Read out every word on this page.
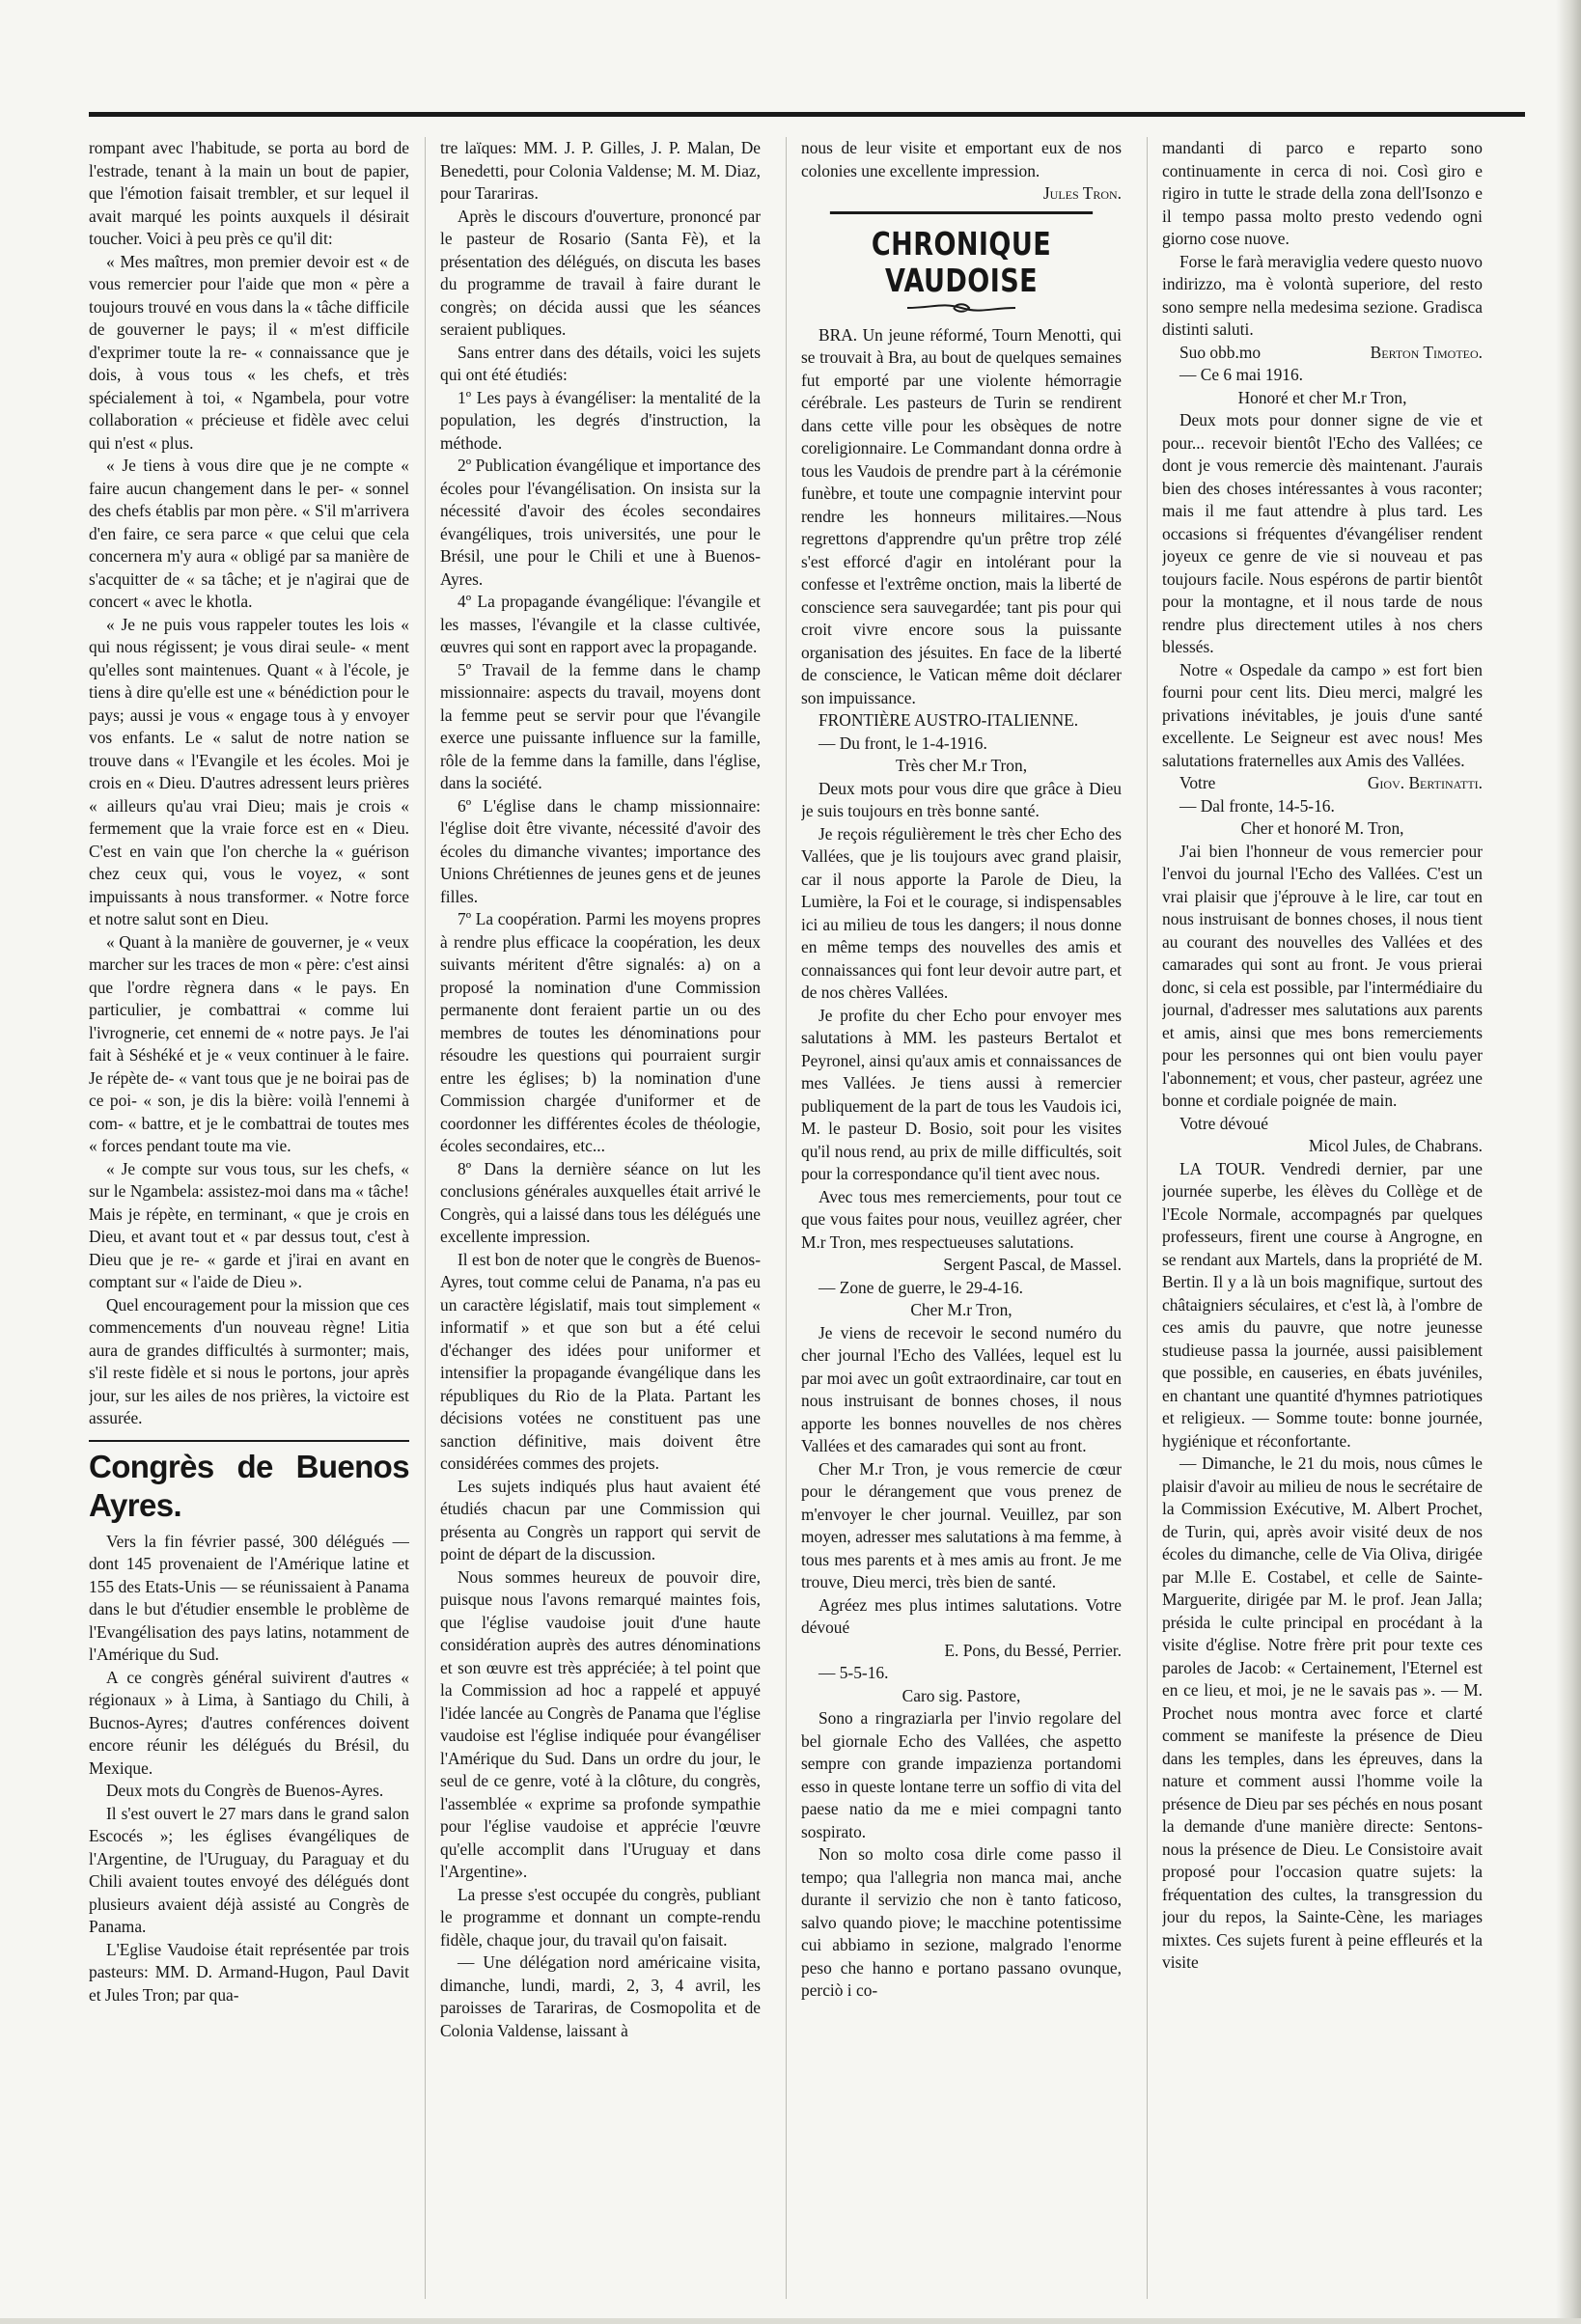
rompant avec l'habitude, se porta au bord de l'estrade, tenant à la main un bout de papier, que l'émotion faisait trembler, et sur lequel il avait marqué les points auxquels il désirait toucher. Voici à peu près ce qu'il dit:

« Mes maîtres, mon premier devoir est « de vous remercier pour l'aide que mon « père a toujours trouvé en vous dans la « tâche difficile de gouverner le pays; il « m'est difficile d'exprimer toute la re- « connaissance que je dois, à vous tous « les chefs, et très spécialement à toi, « Ngambela, pour votre collaboration « précieuse et fidèle avec celui qui n'est « plus.

« Je tiens à vous dire que je ne compte « faire aucun changement dans le per- « sonnel des chefs établis par mon père. « S'il m'arrivera d'en faire, ce sera parce « que celui que cela concernera m'y aura « obligé par sa manière de s'acquitter de « sa tâche; et je n'agirai que de concert « avec le khotla.

« Je ne puis vous rappeler toutes les lois « qui nous régissent; je vous dirai seule- « ment qu'elles sont maintenues. Quant « à l'école, je tiens à dire qu'elle est une « bénédiction pour le pays; aussi je vous « engage tous à y envoyer vos enfants. Le « salut de notre nation se trouve dans « l'Evangile et les écoles. Moi je crois en « Dieu. D'autres adressent leurs prières « ailleurs qu'au vrai Dieu; mais je crois « fermement que la vraie force est en « Dieu. C'est en vain que l'on cherche la « guérison chez ceux qui, vous le voyez, « sont impuissants à nous transformer. « Notre force et notre salut sont en Dieu.

« Quant à la manière de gouverner, je « veux marcher sur les traces de mon « père: c'est ainsi que l'ordre règnera dans « le pays. En particulier, je combattrai « comme lui l'ivrognerie, cet ennemi de « notre pays. Je l'ai fait à Séshéké et je « veux continuer à le faire. Je répète de- « vant tous que je ne boirai pas de ce poi- « son, je dis la bière: voilà l'ennemi à com- « battre, et je le combattrai de toutes mes « forces pendant toute ma vie.

« Je compte sur vous tous, sur les chefs, « sur le Ngambela: assistez-moi dans ma « tâche! Mais je répète, en terminant, « que je crois en Dieu, et avant tout et « par dessus tout, c'est à Dieu que je re- « garde et j'irai en avant en comptant sur « l'aide de Dieu ».

Quel encouragement pour la mission que ces commencements d'un nouveau règne! Litia aura de grandes difficultés à surmonter; mais, s'il reste fidèle et si nous le portons, jour après jour, sur les ailes de nos prières, la victoire est assurée.

Congrès de Buenos Ayres.

Vers la fin février passé, 300 délégués — dont 145 provenaient de l'Amérique latine et 155 des Etats-Unis — se réunissaient à Panama dans le but d'étudier ensemble le problème de l'Evangélisation des pays latins, notamment de l'Amérique du Sud.

A ce congrès général suivirent d'autres « régionaux » à Lima, à Santiago du Chili, à Bucnos-Ayres; d'autres conférences doivent encore réunir les délégués du Brésil, du Mexique.

Deux mots du Congrès de Buenos-Ayres.

Il s'est ouvert le 27 mars dans le grand salon Escocés »; les églises évangéliques de l'Argentine, de l'Uruguay, du Paraguay et du Chili avaient toutes envoyé des délégués dont plusieurs avaient déjà assisté au Congrès de Panama.

L'Eglise Vaudoise était représentée par trois pasteurs: MM. D. Armand-Hugon, Paul Davit et Jules Tron; par qua-

tre laïques: MM. J. P. Gilles, J. P. Malan, De Benedetti, pour Colonia Valdense; M. M. Diaz, pour Tarariras.

Après le discours d'ouverture, prononcé par le pasteur de Rosario (Santa Fè), et la présentation des délégués, on discuta les bases du programme de travail à faire durant le congrès; on décida aussi que les séances seraient publiques.

Sans entrer dans des détails, voici les sujets qui ont été étudiés:

1º Les pays à évangéliser: la mentalité de la population, les degrés d'instruction, la méthode.

2º Publication évangélique et importance des écoles pour l'évangélisation. On insista sur la nécessité d'avoir des écoles secondaires évangéliques, trois universités, une pour le Brésil, une pour le Chili et une à Buenos-Ayres.

4º La propagande évangélique: l'évangile et les masses, l'évangile et la classe cultivée, œuvres qui sont en rapport avec la propagande.

5º Travail de la femme dans le champ missionnaire: aspects du travail, moyens dont la femme peut se servir pour que l'évangile exerce une puissante influence sur la famille, rôle de la femme dans la famille, dans l'église, dans la société.

6º L'église dans le champ missionnaire: l'église doit être vivante, nécessité d'avoir des écoles du dimanche vivantes; importance des Unions Chrétiennes de jeunes gens et de jeunes filles.

7º La coopération. Parmi les moyens propres à rendre plus efficace la coopération, les deux suivants méritent d'être signalés: a) on a proposé la nomination d'une Commission permanente dont feraient partie un ou des membres de toutes les dénominations pour résoudre les questions qui pourraient surgir entre les églises; b) la nomination d'une Commission chargée d'uniformer et de coordonner les différentes écoles de théologie, écoles secondaires, etc...

8º Dans la dernière séance on lut les conclusions générales auxquelles était arrivé le Congrès, qui a laissé dans tous les délégués une excellente impression.

Il est bon de noter que le congrès de Buenos-Ayres, tout comme celui de Panama, n'a pas eu un caractère législatif, mais tout simplement « informatif » et que son but a été celui d'échanger des idées pour uniformer et intensifier la propagande évangélique dans les républiques du Rio de la Plata. Partant les décisions votées ne constituent pas une sanction définitive, mais doivent être considérées commes des projets.

Les sujets indiqués plus haut avaient été étudiés chacun par une Commission qui présenta au Congrès un rapport qui servit de point de départ de la discussion.

Nous sommes heureux de pouvoir dire, puisque nous l'avons remarqué maintes fois, que l'église vaudoise jouit d'une haute considération auprès des autres dénominations et son œuvre est très appréciée; à tel point que la Commission ad hoc a rappelé et appuyé l'idée lancée au Congrès de Panama que l'église vaudoise est l'église indiquée pour évangéliser l'Amérique du Sud. Dans un ordre du jour, le seul de ce genre, voté à la clôture, du congrès, l'assemblée « exprime sa profonde sympathie pour l'église vaudoise et apprécie l'œuvre qu'elle accomplit dans l'Uruguay et dans l'Argentine».

La presse s'est occupée du congrès, publiant le programme et donnant un compte-rendu fidèle, chaque jour, du travail qu'on faisait.

— Une délégation nord américaine visita, dimanche, lundi, mardi, 2, 3, 4 avril, les paroisses de Tarariras, de Cosmopolita et de Colonia Valdense, laissant à

nous de leur visite et emportant eux de nos colonies une excellente impression.

Jules Tron.

CHRONIQUE VAUDOISE

BRA. Un jeune réformé, Tourn Menotti, qui se trouvait à Bra, au bout de quelques semaines fut emporté par une violente hémorragie cérébrale. Les pasteurs de Turin se rendirent dans cette ville pour les obsèques de notre coreligionnaire. Le Commandant donna ordre à tous les Vaudois de prendre part à la cérémonie funèbre, et toute une compagnie intervint pour rendre les honneurs militaires.—Nous regrettons d'apprendre qu'un prêtre trop zélé s'est efforcé d'agir en intolérant pour la confesse et l'extrême onction, mais la liberté de conscience sera sauvegardée; tant pis pour qui croit vivre encore sous la puissante organisation des jésuites. En face de la liberté de conscience, le Vatican même doit déclarer son impuissance.

FRONTIÈRE AUSTRO-ITALIENNE.

— Du front, le 1-4-1916.

Très cher M.r Tron,

Deux mots pour vous dire que grâce à Dieu je suis toujours en très bonne santé.

Je reçois régulièrement le très cher Echo des Vallées, que je lis toujours avec grand plaisir, car il nous apporte la Parole de Dieu, la Lumière, la Foi et le courage, si indispensables ici au milieu de tous les dangers; il nous donne en même temps des nouvelles des amis et connaissances qui font leur devoir autre part, et de nos chères Vallées.

Je profite du cher Echo pour envoyer mes salutations à MM. les pasteurs Bertalot et Peyronel, ainsi qu'aux amis et connaissances de mes Vallées. Je tiens aussi à remercier publiquement de la part de tous les Vaudois ici, M. le pasteur D. Bosio, soit pour les visites qu'il nous rend, au prix de mille difficultés, soit pour la correspondance qu'il tient avec nous.

Avec tous mes remerciements, pour tout ce que vous faites pour nous, veuillez agréer, cher M.r Tron, mes respectueuses salutations.

Sergent Pascal, de Massel.

— Zone de guerre, le 29-4-16.

Cher M.r Tron,

Je viens de recevoir le second numéro du cher journal l'Echo des Vallées, lequel est lu par moi avec un goût extraordinaire, car tout en nous instruisant de bonnes choses, il nous apporte les bonnes nouvelles de nos chères Vallées et des camarades qui sont au front.

Cher M.r Tron, je vous remercie de cœur pour le dérangement que vous prenez de m'envoyer le cher journal. Veuillez, par son moyen, adresser mes salutations à ma femme, à tous mes parents et à mes amis au front. Je me trouve, Dieu merci, très bien de santé.

Agréez mes plus intimes salutations. Votre dévoué

E. Pons, du Bessé, Perrier.

— 5-5-16.

Caro sig. Pastore,

Sono a ringraziarla per l'invio regolare del bel giornale Echo des Vallées, che aspetto sempre con grande impazienza portandomi esso in queste lontane terre un soffio di vita del paese natio da me e miei compagni tanto sospirato.

Non so molto cosa dirle come passo il tempo; qua l'allegria non manca mai, anche durante il servizio che non è tanto faticoso, salvo quando piove; le macchine potentissime cui abbiamo in sezione, malgrado l'enorme peso che hanno e portano passano ovunque, perciò i co-

mandanti di parco e reparto sono continuamente in cerca di noi. Così giro e rigiro in tutte le strade della zona dell'Isonzo e il tempo passa molto presto vedendo ogni giorno cose nuove.

Forse le farà meraviglia vedere questo nuovo indirizzo, ma è volontà superiore, del resto sono sempre nella medesima sezione. Gradisca distinti saluti.

Suo obb.mo	Berton Timoteo.

— Ce 6 mai 1916.

Honoré et cher M.r Tron,

Deux mots pour donner signe de vie et pour... recevoir bientôt l'Echo des Vallées; ce dont je vous remercie dès maintenant. J'aurais bien des choses intéressantes à vous raconter; mais il me faut attendre à plus tard. Les occasions si fréquentes d'évangéliser rendent joyeux ce genre de vie si nouveau et pas toujours facile. Nous espérons de partir bientôt pour la montagne, et il nous tarde de nous rendre plus directement utiles à nos chers blessés.

Notre « Ospedale da campo » est fort bien fourni pour cent lits. Dieu merci, malgré les privations inévitables, je jouis d'une santé excellente. Le Seigneur est avec nous! Mes salutations fraternelles aux Amis des Vallées.

Votre	Giov. Bertinatti.

— Dal fronte, 14-5-16.

Cher et honoré M. Tron,

J'ai bien l'honneur de vous remercier pour l'envoi du journal l'Echo des Vallées. C'est un vrai plaisir que j'éprouve à le lire, car tout en nous instruisant de bonnes choses, il nous tient au courant des nouvelles des Vallées et des camarades qui sont au front. Je vous prierai donc, si cela est possible, par l'intermédiaire du journal, d'adresser mes salutations aux parents et amis, ainsi que mes bons remerciements pour les personnes qui ont bien voulu payer l'abonnement; et vous, cher pasteur, agréez une bonne et cordiale poignée de main.

Votre dévoué

Micol Jules, de Chabrans.

LA TOUR. Vendredi dernier, par une journée superbe, les élèves du Collège et de l'Ecole Normale, accompagnés par quelques professeurs, firent une course à Angrogne, en se rendant aux Martels, dans la propriété de M. Bertin. Il y a là un bois magnifique, surtout des châtaigniers séculaires, et c'est là, à l'ombre de ces amis du pauvre, que notre jeunesse studieuse passa la journée, aussi paisiblement que possible, en causeries, en ébats juvéniles, en chantant une quantité d'hymnes patriotiques et religieux. — Somme toute: bonne journée, hygiénique et réconfortante.

— Dimanche, le 21 du mois, nous cûmes le plaisir d'avoir au milieu de nous le secrétaire de la Commission Exécutive, M. Albert Prochet, de Turin, qui, après avoir visité deux de nos écoles du dimanche, celle de Via Oliva, dirigée par M.lle E. Costabel, et celle de Sainte-Marguerite, dirigée par M. le prof. Jean Jalla; présida le culte principal en procédant à la visite d'église. Notre frère prit pour texte ces paroles de Jacob: « Certainement, l'Eternel est en ce lieu, et moi, je ne le savais pas ». — M. Prochet nous montra avec force et clarté comment se manifeste la présence de Dieu dans les temples, dans les épreuves, dans la nature et comment aussi l'homme voile la présence de Dieu par ses péchés en nous posant la demande d'une manière directe: Sentons-nous la présence de Dieu. Le Consistoire avait proposé pour l'occasion quatre sujets: la fréquentation des cultes, la transgression du jour du repos, la Sainte-Cène, les mariages mixtes. Ces sujets furent à peine effleurés et la visite
